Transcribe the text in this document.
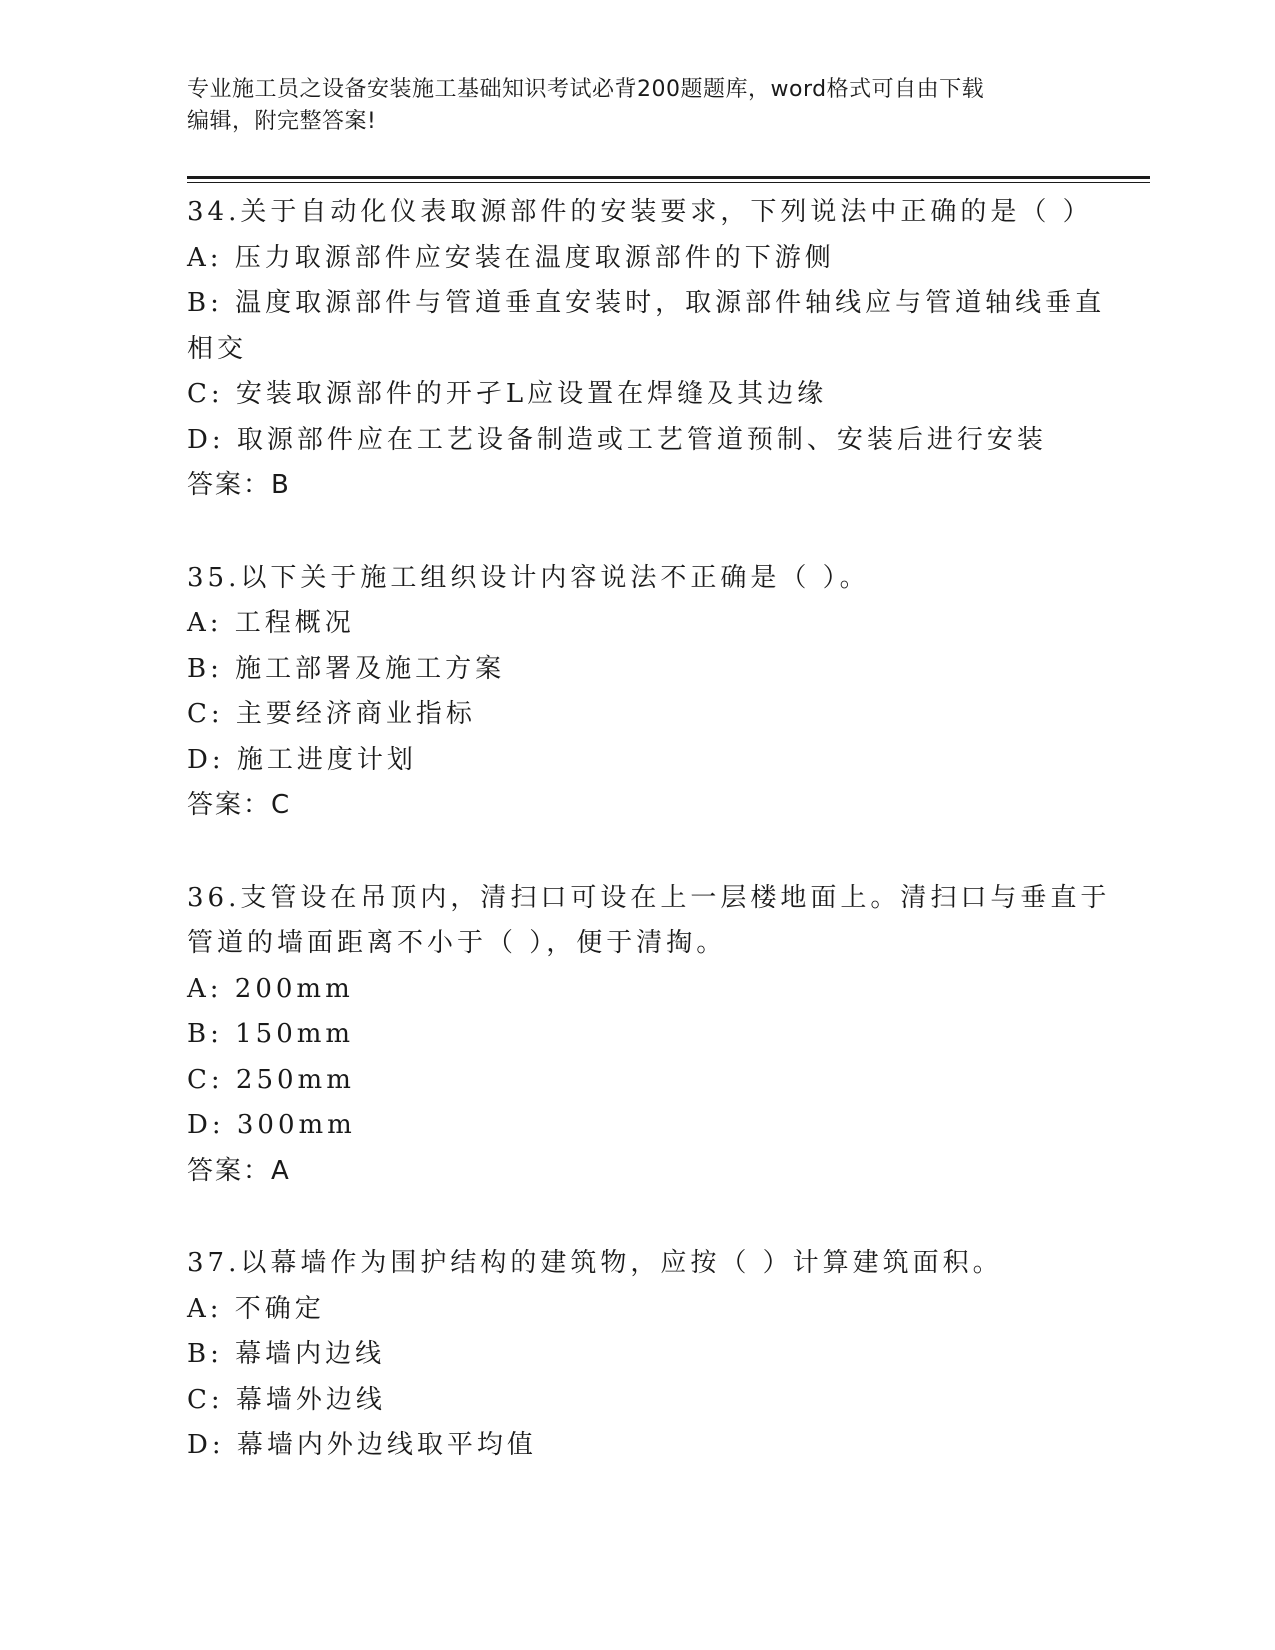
专业施工员之设备安装施工基础知识考试必背200题题库，word格式可自由下载
编辑，附完整答案!
34.关于自动化仪表取源部件的安装要求，下列说法中正确的是（ ）
A: 压力取源部件应安装在温度取源部件的下游侧
B: 温度取源部件与管道垂直安装时，取源部件轴线应与管道轴线垂直
相交
C: 安装取源部件的开孑L应设置在焊缝及其边缘
D: 取源部件应在工艺设备制造或工艺管道预制、安装后进行安装
答案：B
35.以下关于施工组织设计内容说法不正确是（ ）。
A: 工程概况
B: 施工部署及施工方案
C: 主要经济商业指标
D: 施工进度计划
答案：C
36.支管设在吊顶内，清扫口可设在上一层楼地面上。清扫口与垂直于
管道的墙面距离不小于（ ），便于清掏。
A: 200mm
B: 150mm
C: 250mm
D: 300mm
答案：A
37.以幕墙作为围护结构的建筑物，应按（ ）计算建筑面积。
A: 不确定
B: 幕墙内边线
C: 幕墙外边线
D: 幕墙内外边线取平均值
